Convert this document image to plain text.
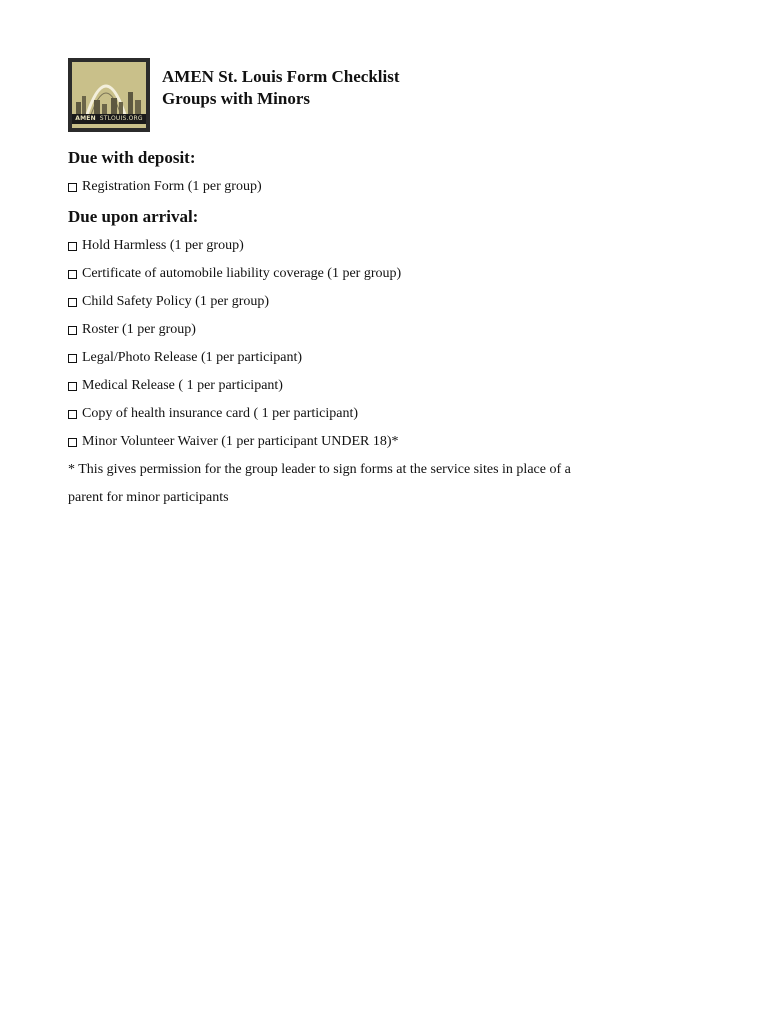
AMEN STLOUIS.ORG
AMEN St. Louis Form Checklist
Groups with Minors
Due with deposit:
Registration Form (1 per group)
Due upon arrival:
Hold Harmless (1 per group)
Certificate of automobile liability coverage (1 per group)
Child Safety Policy (1 per group)
Roster (1 per group)
Legal/Photo Release (1 per participant)
Medical Release ( 1 per participant)
Copy of health insurance card ( 1 per participant)
Minor Volunteer Waiver (1 per participant UNDER 18)*
* This gives permission for the group leader to sign forms at the service sites in place of a
parent for minor participants
